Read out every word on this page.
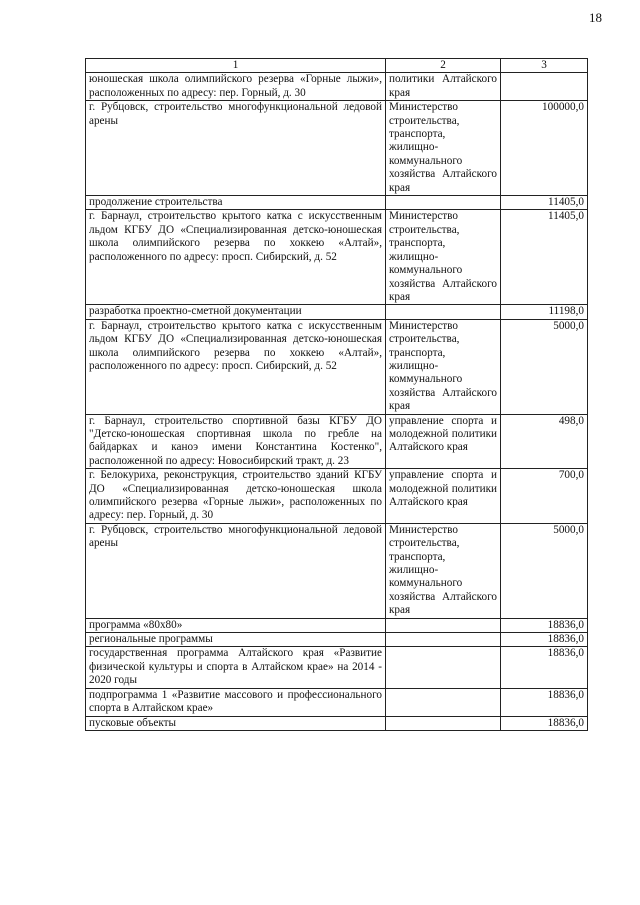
18
1	2	3
юношеская школа олимпийского резерва «Горные лыжи», расположенных по адресу: пер. Горный, д. 30	политики Алтайского края	
г. Рубцовск, строительство многофункциональной ледовой арены	Министерство строительства, транспорта, жилищно-коммунального хозяйства Алтайского края	100000,0
продолжение строительства		11405,0
г. Барнаул, строительство крытого катка с искусственным льдом КГБУ ДО «Специализированная детско-юношеская школа олимпийского резерва по хоккею «Алтай», расположенного по адресу: просп. Сибирский, д. 52	Министерство строительства, транспорта, жилищно-коммунального хозяйства Алтайского края	11405,0
разработка проектно-сметной документации		11198,0
г. Барнаул, строительство крытого катка с искусственным льдом КГБУ ДО «Специализированная детско-юношеская школа олимпийского резерва по хоккею «Алтай», расположенного по адресу: просп. Сибирский, д. 52	Министерство строительства, транспорта, жилищно-коммунального хозяйства Алтайского края	5000,0
г. Барнаул, строительство спортивной базы КГБУ ДО "Детско-юношеская спортивная школа по гребле на байдарках и каноэ имени Константина Костенко", расположенной по адресу: Новосибирский тракт, д. 23	управление спорта и молодежной политики Алтайского края	498,0
г. Белокуриха, реконструкция, строительство зданий КГБУ ДО «Специализированная детско-юношеская школа олимпийского резерва «Горные лыжи», расположенных по адресу: пер. Горный, д. 30	управление спорта и молодежной политики Алтайского края	700,0
г. Рубцовск, строительство многофункциональной ледовой арены	Министерство строительства, транспорта, жилищно-коммунального хозяйства Алтайского края	5000,0
программа «80х80»		18836,0
региональные программы		18836,0
государственная программа Алтайского края «Развитие физической культуры и спорта в Алтайском крае» на 2014 - 2020 годы		18836,0
подпрограмма 1 «Развитие массового и профессионального спорта в Алтайском крае»		18836,0
пусковые объекты		18836,0
